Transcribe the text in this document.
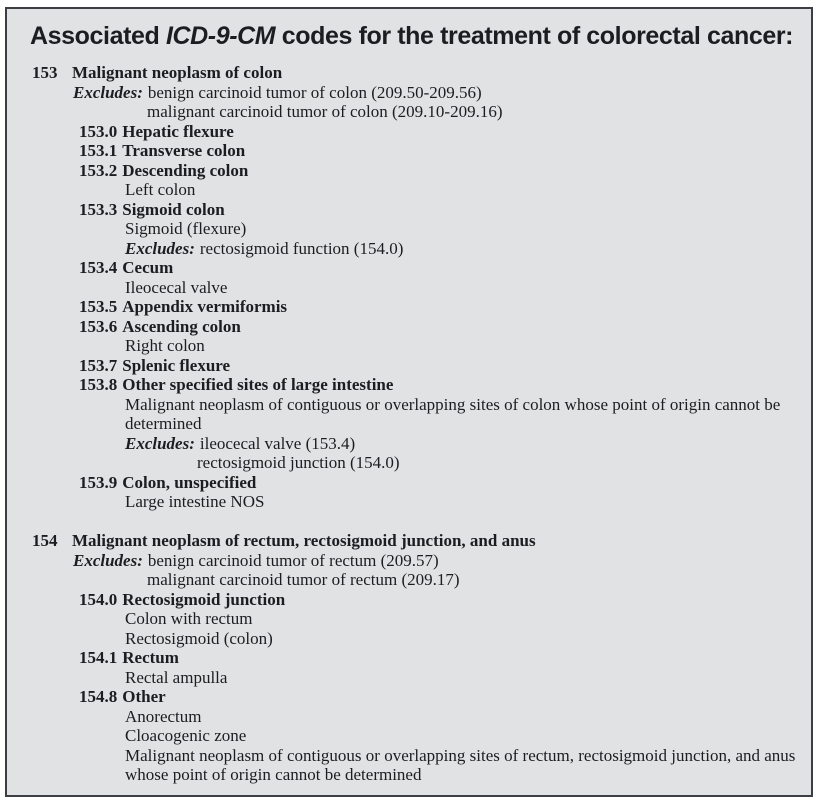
Associated ICD-9-CM codes for the treatment of colorectal cancer:
153 Malignant neoplasm of colon
Excludes: benign carcinoid tumor of colon (209.50-209.56)
malignant carcinoid tumor of colon (209.10-209.16)
153.0 Hepatic flexure
153.1 Transverse colon
153.2 Descending colon
Left colon
153.3 Sigmoid colon
Sigmoid (flexure)
Excludes: rectosigmoid function (154.0)
153.4 Cecum
Ileocecal valve
153.5 Appendix vermiformis
153.6 Ascending colon
Right colon
153.7 Splenic flexure
153.8 Other specified sites of large intestine
Malignant neoplasm of contiguous or overlapping sites of colon whose point of origin cannot be determined
Excludes: ileocecal valve (153.4)
rectosigmoid junction (154.0)
153.9 Colon, unspecified
Large intestine NOS
154 Malignant neoplasm of rectum, rectosigmoid junction, and anus
Excludes: benign carcinoid tumor of rectum (209.57)
malignant carcinoid tumor of rectum (209.17)
154.0 Rectosigmoid junction
Colon with rectum
Rectosigmoid (colon)
154.1 Rectum
Rectal ampulla
154.8 Other
Anorectum
Cloacogenic zone
Malignant neoplasm of contiguous or overlapping sites of rectum, rectosigmoid junction, and anus whose point of origin cannot be determined
